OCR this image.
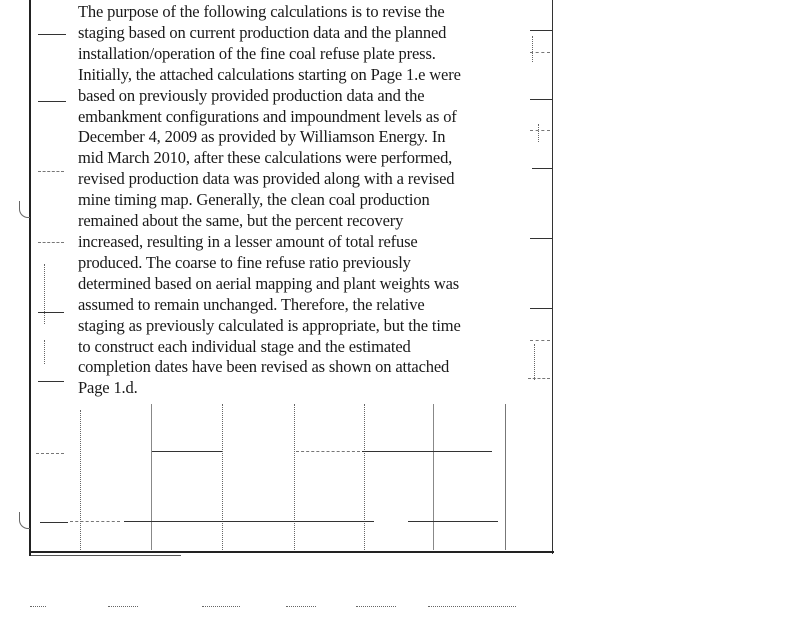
The purpose of the following calculations is to revise the
staging based on current production data and the planned
installation/operation of the fine coal refuse plate press.
Initially, the attached calculations starting on Page 1.e were
based on previously provided production data and the
embankment configurations and impoundment levels as of
December 4, 2009 as provided by Williamson Energy. In
mid March 2010, after these calculations were performed,
revised production data was provided along with a revised
mine timing map. Generally, the clean coal production
remained about the same, but the percent recovery
increased, resulting in a lesser amount of total refuse
produced. The coarse to fine refuse ratio previously
determined based on aerial mapping and plant weights was
assumed to remain unchanged. Therefore, the relative
staging as previously calculated is appropriate, but the time
to construct each individual stage and the estimated
completion dates have been revised as shown on attached
Page 1.d.
